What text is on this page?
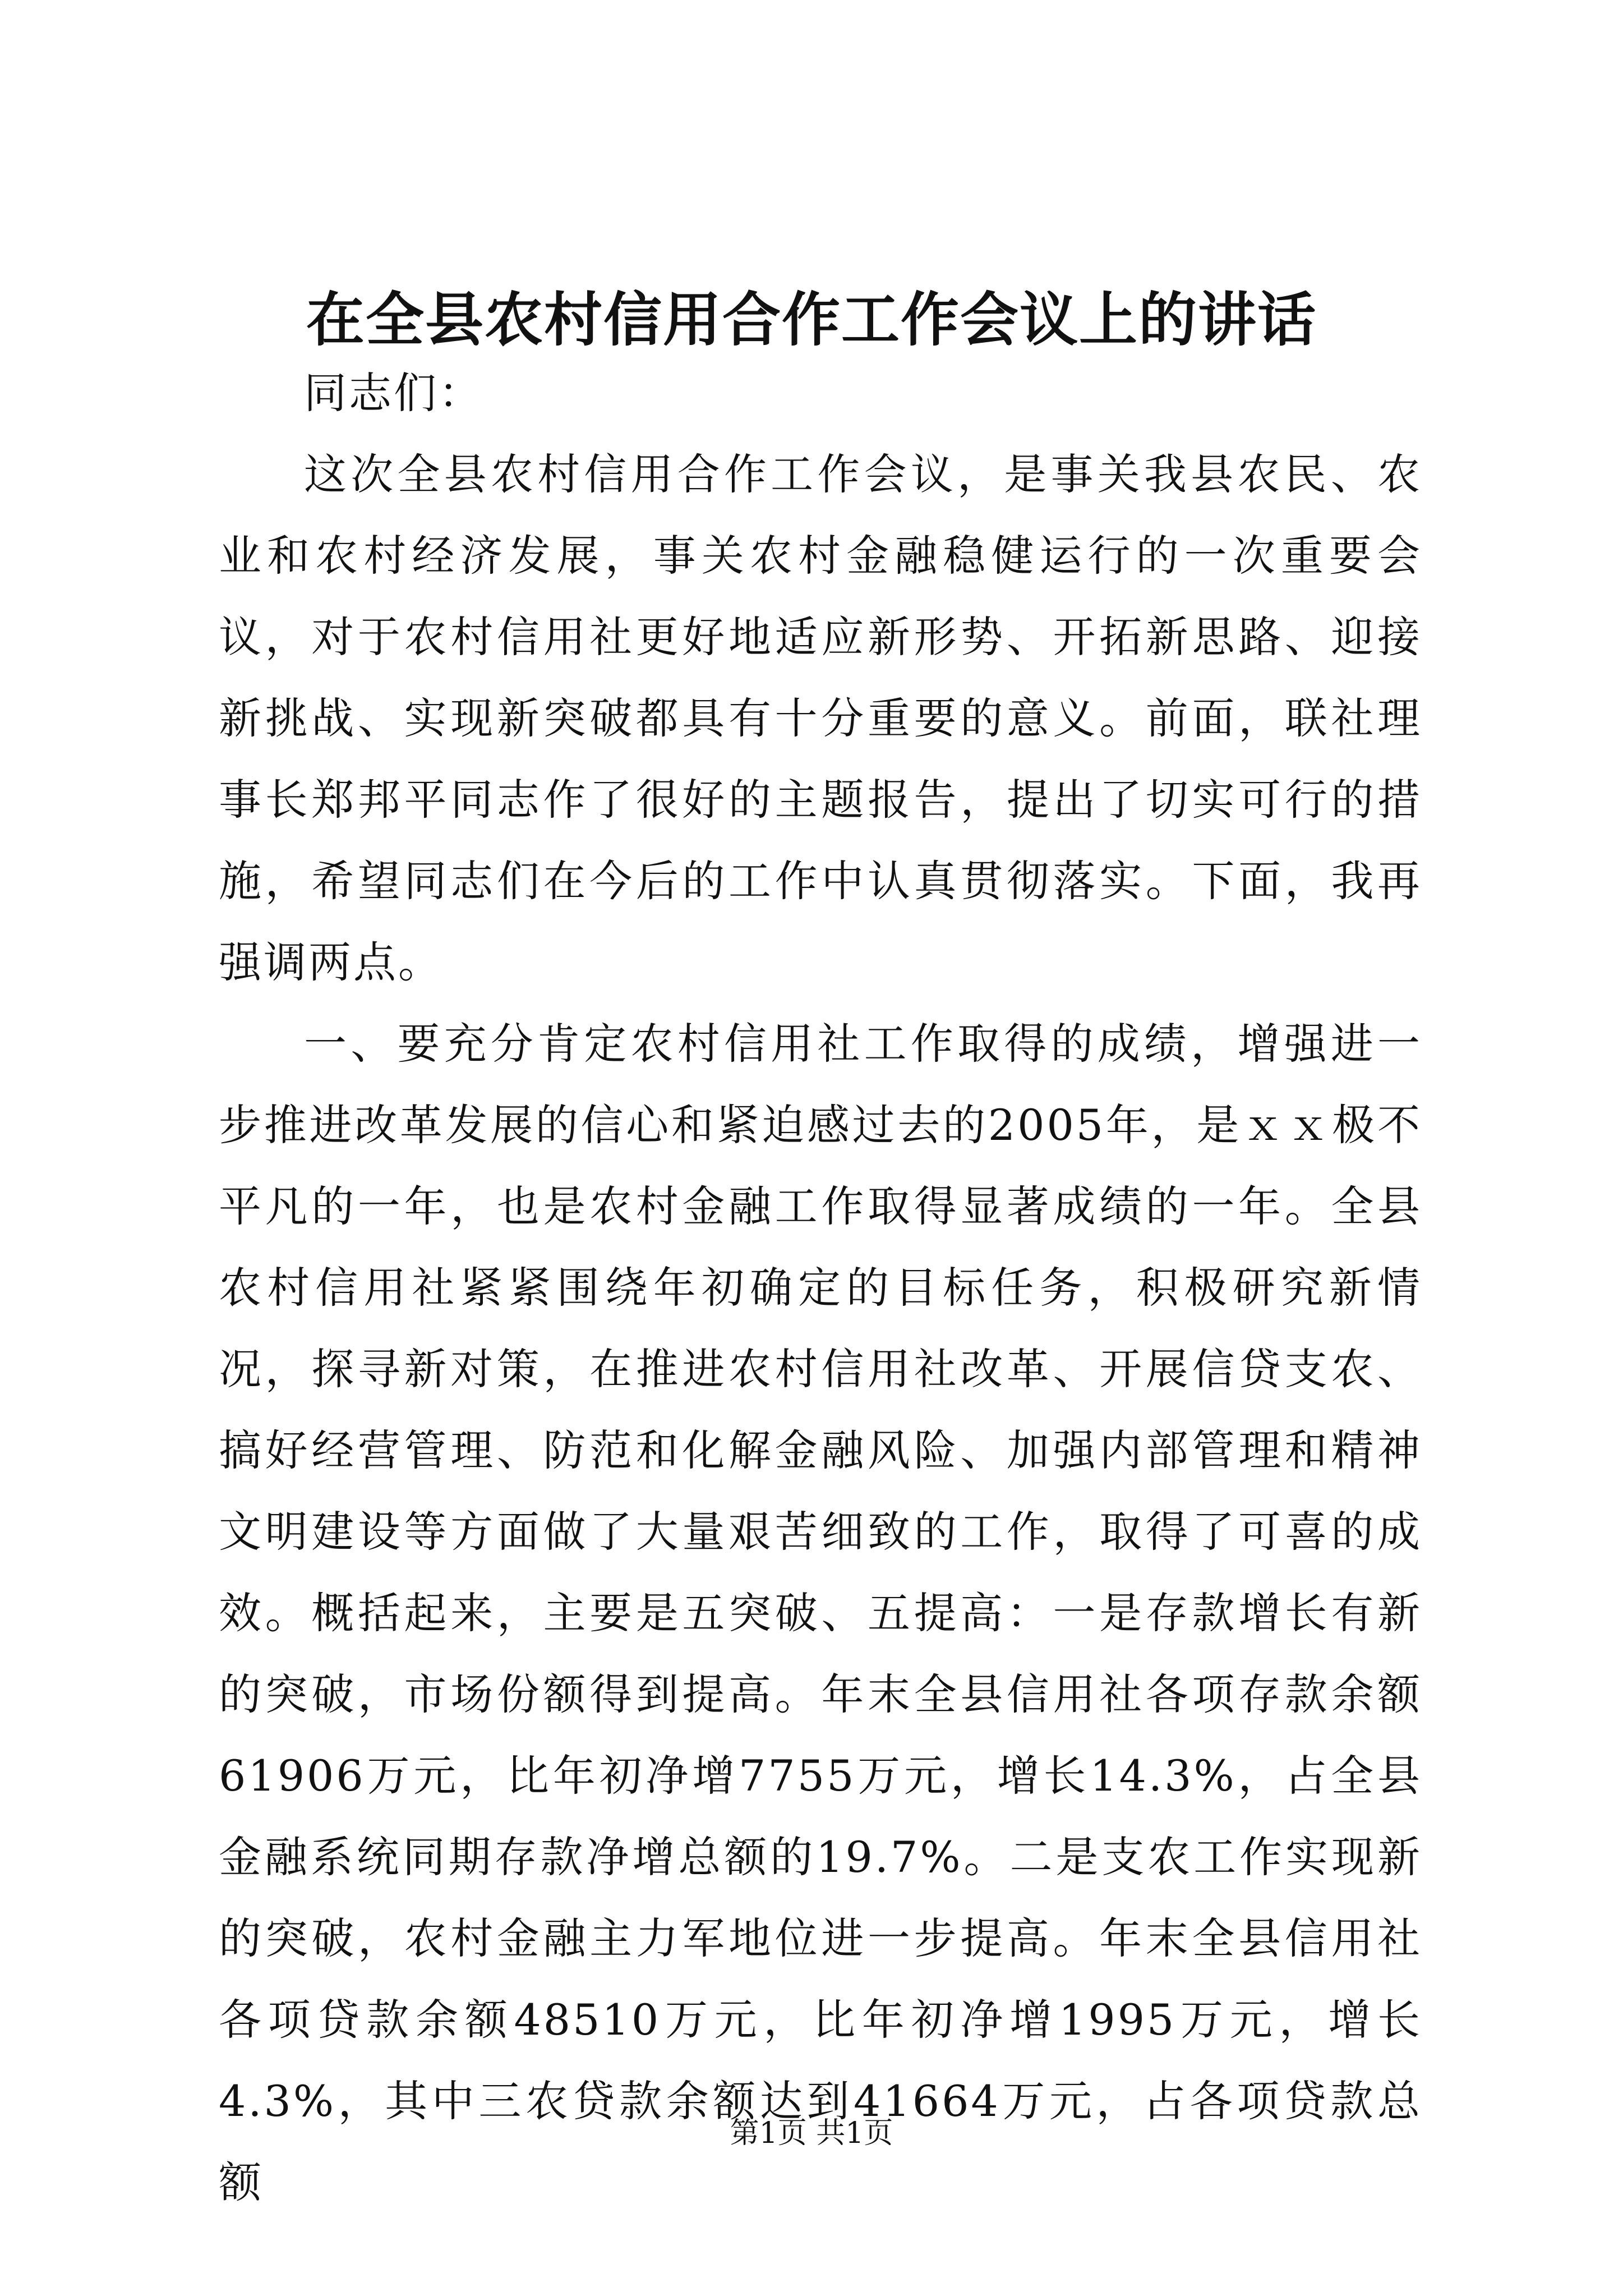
在全县农村信用合作工作会议上的讲话

同志们：

这次全县农村信用合作工作会议，是事关我县农民、农业和农村经济发展，事关农村金融稳健运行的一次重要会议，对于农村信用社更好地适应新形势、开拓新思路、迎接新挑战、实现新突破都具有十分重要的意义。前面，联社理事长郑邦平同志作了很好的主题报告，提出了切实可行的措施，希望同志们在今后的工作中认真贯彻落实。下面，我再强调两点。

一、要充分肯定农村信用社工作取得的成绩，增强进一步推进改革发展的信心和紧迫感过去的2005年，是ｘｘ极不平凡的一年，也是农村金融工作取得显著成绩的一年。全县农村信用社紧紧围绕年初确定的目标任务，积极研究新情况，探寻新对策，在推进农村信用社改革、开展信贷支农、搞好经营管理、防范和化解金融风险、加强内部管理和精神文明建设等方面做了大量艰苦细致的工作，取得了可喜的成效。概括起来，主要是五突破、五提高：一是存款增长有新的突破，市场份额得到提高。年末全县信用社各项存款余额61906万元，比年初净增7755万元，增长14.3%，占全县金融系统同期存款净增总额的19.7%。二是支农工作实现新的突破，农村金融主力军地位进一步提高。年末全县信用社各项贷款余额48510万元，比年初净增1995万元，增长4.3%，其中三农贷款余额达到41664万元，占各项贷款总额

第1页 共1页
